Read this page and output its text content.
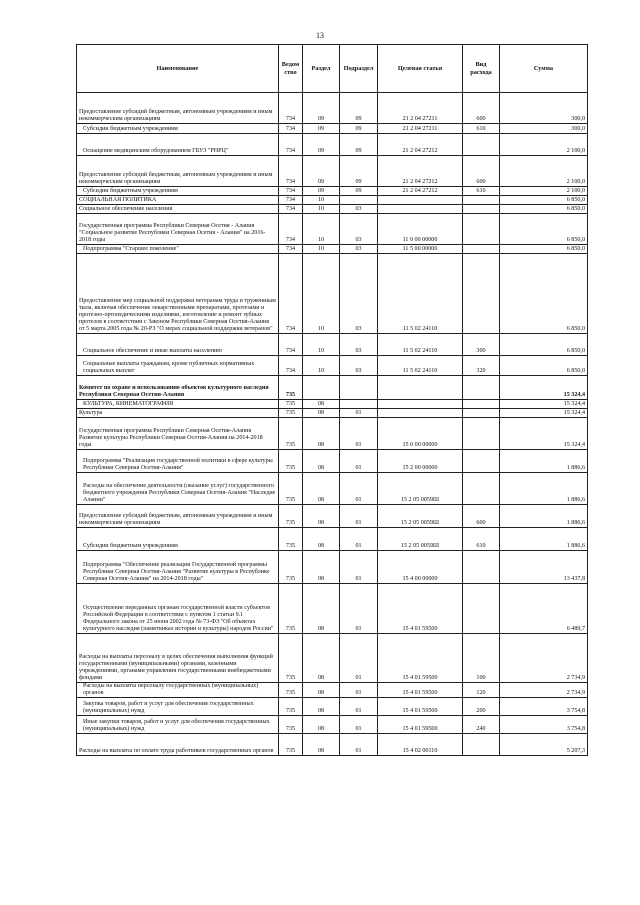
13
Наименование	Ведом ство	Раздел	Подраздел	Целевая статья	Вид расхода	Сумма
Предоставление субсидий бюджетным, автономным учреждениям и иным некоммерческим организациям	734	09	09	21 2 04 27211	600	300,0
Субсидии бюджетным учреждениям	734	09	09	21 2 04 27211	610	300,0
Оснащение медицинским оборудованием ГБУЗ "РНРЦ"	734	09	09	21 2 04 27212		2 100,0
Предоставление субсидий бюджетным, автономным учреждениям и иным некоммерческим организациям	734	09	09	21 2 04 27212	600	2 100,0
Субсидии бюджетным учреждениям	734	09	09	21 2 04 27212	610	2 100,0
СОЦИАЛЬНАЯ ПОЛИТИКА	734	10				6 850,0
Социальное обеспечение населения	734	10	03			6 850,0
Государственная программа Республики Северная Осетия - Алания "Социальное развитие Республики Северная Осетия - Алания" на 2016-2018 годы	734	10	03	11 0 00 00000		6 850,0
Подпрограмма "Старшее поколение"	734	10	03	11 5 00 00000		6 850,0
Предоставление мер социальной поддержки ветеранам труда и труженикам тыла, включая обеспечение лекарственными препаратами, протезами и протезно-ортопедическими изделиями, изготовление и ремонт зубных протезов в соответствии с Законом Республики Северная Осетия-Алания от 5 марта 2005 года № 20-РЗ "О мерах социальной поддержки ветеранов"	734	10	03	11 5 02 24110		6 850,0
Социальное обеспечение и иные выплаты населению	734	10	03	11 5 02 24110	300	6 850,0
Социальные выплаты гражданам, кроме публичных нормативных социальных выплат	734	10	03	11 5 02 24110	320	6 850,0
Комитет по охране и использованию объектов культурного наследия Республики Северная Осетия-Алания	735					15 324,4
КУЛЬТУРА, КИНЕМАТОГРАФИЯ	735	08				15 324,4
Культура	735	08	01			15 324,4
Государственная программа Республики Северная Осетия-Алания Развитие культуры Республики Северная Осетия-Алания на 2014-2018 годы	735	08	01	15 0 00 00000		15 324,4
Подпрограмма "Реализация государственной политики в сфере культуры Республики Северная Осетия-Алания"	735	08	01	15 2 00 00000		1 886,6
Расходы на обеспечение деятельности (оказание услуг) государственного бюджетного учреждения Республики Северная Осетия-Алания "Наследие Алании"	735	08	01	15 2 05 0059Ш		1 886,6
Предоставление субсидий бюджетным, автономным учреждениям и иным некоммерческим организациям	735	08	01	15 2 05 0059Ш	600	1 886,6
Субсидии бюджетным учреждениям	735	08	01	15 2 05 0059Ш	610	1 886,6
Подпрограмма "Обеспечение реализации Государственной программы Республики Северная Осетия-Алания "Развитие культуры в Республике Северная Осетия-Алания" на 2014-2018 годы"	735	08	01	15 4 00 00000		13 437,8
Осуществление переданных органам государственной власти субъектов Российской Федерации в соответствии с пунктом 1 статьи 9.1 Федерального закона от 25 июня 2002 года № 73-ФЗ "Об объектах культурного наследия (памятниках истории и культуры) народов России"	735	08	01	15 4 01 59500		6 489,7
Расходы на выплаты персоналу в целях обеспечения выполнения функций государственными (муниципальными) органами, казенными учреждениями, органами управления государственными внебюджетными фондами	735	08	01	15 4 01 59500	100	2 734,9
Расходы на выплаты персоналу государственных (муниципальных) органов	735	08	01	15 4 01 59500	120	2 734,9
Закупка товаров, работ и услуг для обеспечения государственных (муниципальных) нужд	735	08	01	15 4 01 59500	200	3 754,8
Иные закупки товаров, работ и услуг для обеспечения государственных (муниципальных) нужд	735	08	01	15 4 01 59500	240	3 754,8
Расходы на выплаты по оплате труда работников государственных органов	735	08	01	15 4 02 00110		5 207,3
